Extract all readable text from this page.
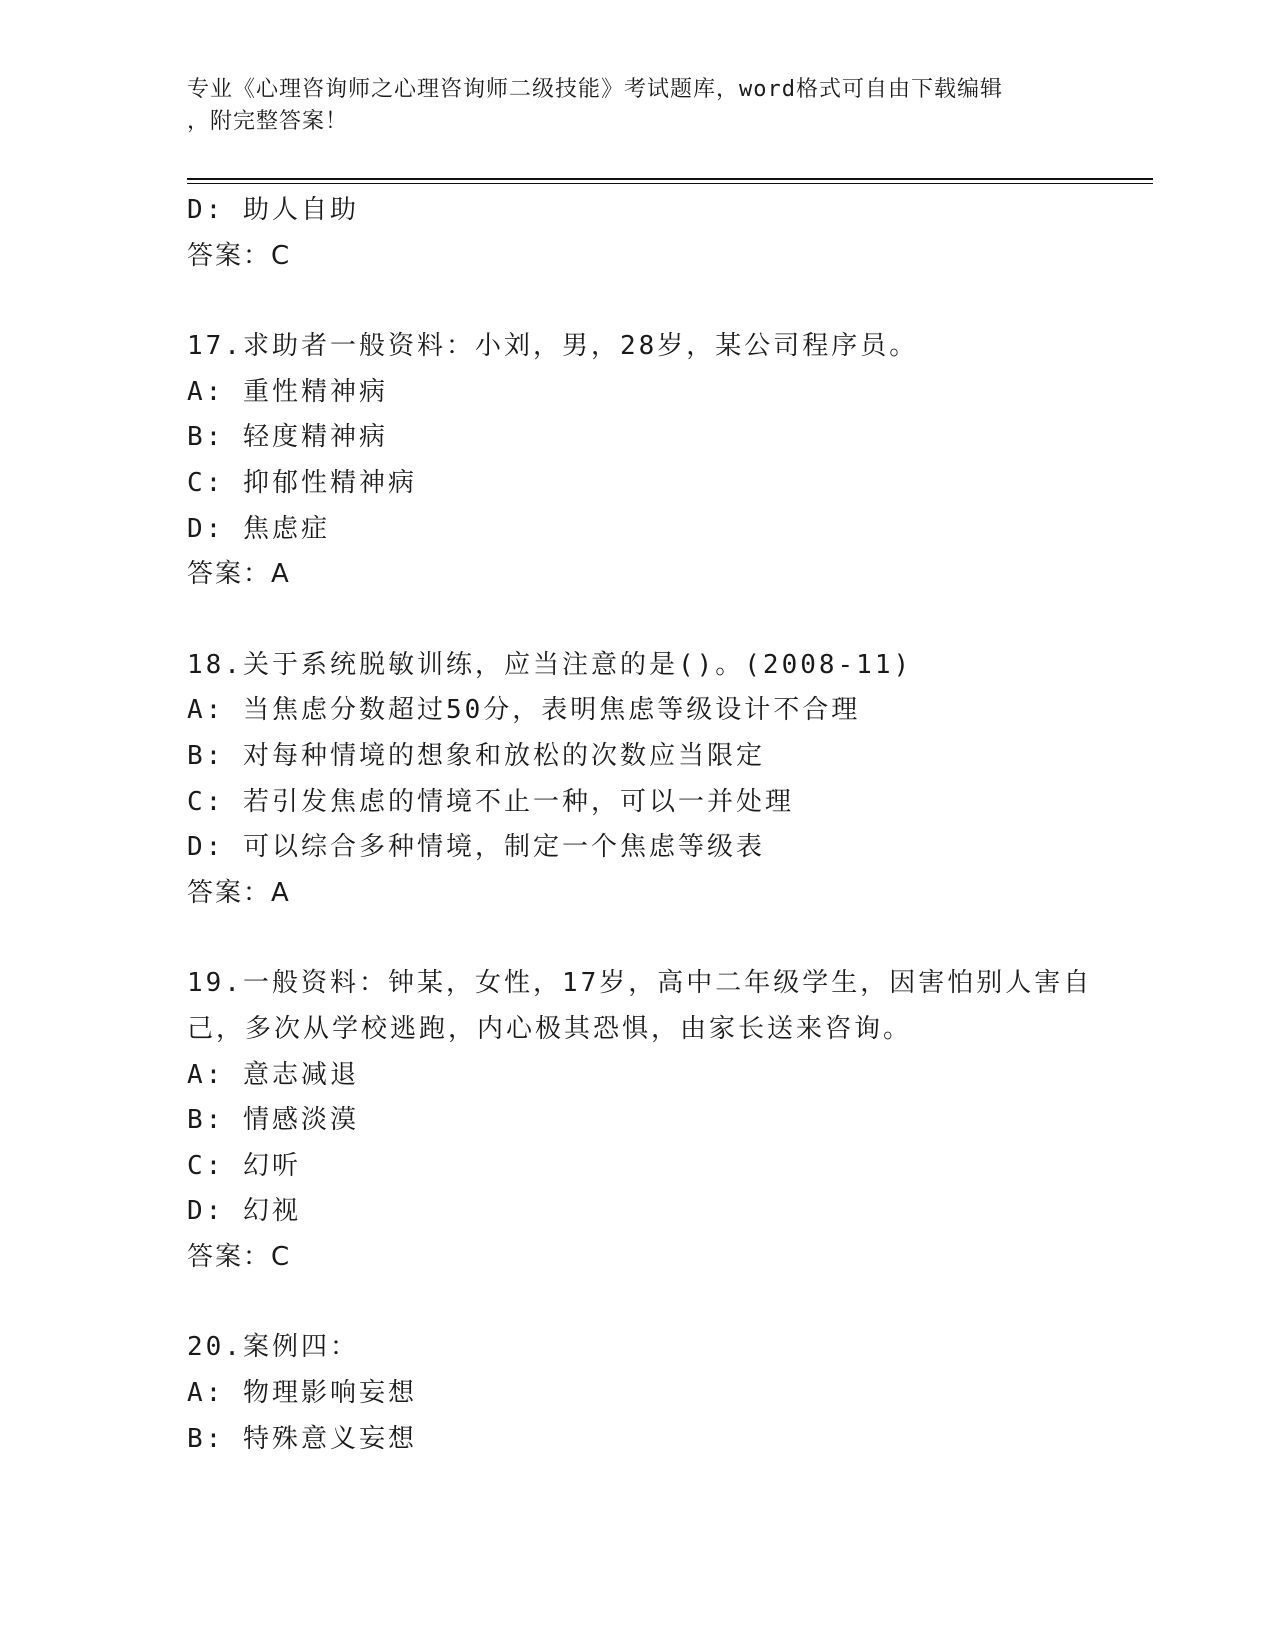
专业《心理咨询师之心理咨询师二级技能》考试题库，word格式可自由下载编辑
，附完整答案！
D: 助人自助
答案：C
17.求助者一般资料：小刘，男，28岁，某公司程序员。
A: 重性精神病
B: 轻度精神病
C: 抑郁性精神病
D: 焦虑症
答案：A
18.关于系统脱敏训练，应当注意的是()。(2008-11)
A: 当焦虑分数超过50分，表明焦虑等级设计不合理
B: 对每种情境的想象和放松的次数应当限定
C: 若引发焦虑的情境不止一种，可以一并处理
D: 可以综合多种情境，制定一个焦虑等级表
答案：A
19.一般资料：钟某，女性，17岁，高中二年级学生，因害怕别人害自
己，多次从学校逃跑，内心极其恐惧，由家长送来咨询。
A: 意志减退
B: 情感淡漠
C: 幻听
D: 幻视
答案：C
20.案例四：
A: 物理影响妄想
B: 特殊意义妄想
